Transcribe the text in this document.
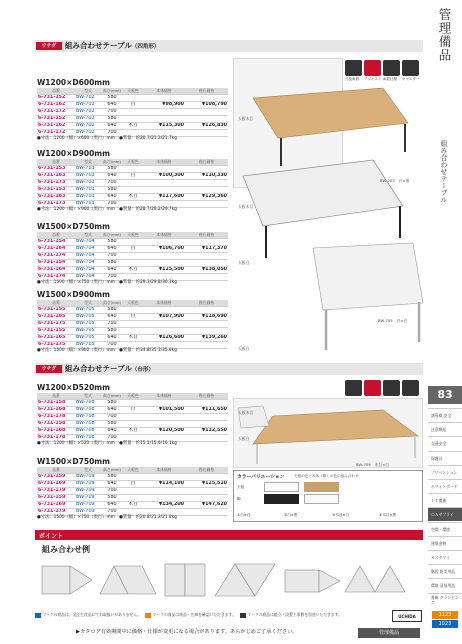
管理備品
組み合わせテーブル
83
誘導標 安全
注意喚起
交通安全
保護具
プリベンション
ホワイトボード
ＩＴ関連
ＯＡサプライ
空間・環境
建築金物
カスタマイ
階段 防災用品
環境 清掃用品
書庫 グランピング
1123
1023
ウチダ	組み合わせテーブル（四角形）
天板両面 アジャスト 両面仕様 キャスター
天板木目
BW-703　白×黒
天板木目
天板白
BW-705　白×白
天板白
W1200×D600mm
品番	型式	高さ(mm)	天板色	本体価格	税込価格
6-731-152	BW-702	580			
6-731-162	BW-702	640	白	¥98,900	¥108,790
6-731-172	BW-702	700			
6-731-152	BW-702	580			
6-731-162	BW-702	640	木目	¥115,300	¥126,830
6-731-172	BW-702	700			
●寸法：1200（幅）×600（奥行）mm　●質量：約20.7/21.2/21.7kg
W1200×D900mm
品番	型式	高さ(mm)	天板色	本体価格	税込価格
6-731-153	BW-703	580			
6-731-163	BW-703	640	白	¥100,300	¥110,330
6-731-173	BW-703	700			
6-731-153	BW-703	580			
6-731-163	BW-703	640	木目	¥117,600	¥129,360
6-731-173	BW-703	700			
●寸法：1200（幅）×900（奥行）mm　●質量：約28.7/29.2/29.7kg
W1500×D750mm
品番	型式	高さ(mm)	天板色	本体価格	税込価格
6-731-154	BW-704	580			
6-731-164	BW-704	640	白	¥106,700	¥117,370
6-731-174	BW-704	700			
6-731-154	BW-704	580			
6-731-164	BW-704	640	木目	¥125,500	¥138,050
6-731-174	BW-704	700			
●寸法：1500（幅）×750（奥行）mm　●質量：約29.3/29.8/30.3kg
W1500×D900mm
品番	型式	高さ(mm)	天板色	本体価格	税込価格
6-731-155	BW-705	580			
6-731-165	BW-705	640	白	¥107,900	¥118,690
6-731-175	BW-705	700			
6-731-155	BW-705	580			
6-731-165	BW-705	640	木目	¥126,600	¥139,260
6-731-175	BW-705	700			
●寸法：1500（幅）×900（奥行）mm　●質量：約34.8/35.3/35.8kg
ウチダ	組み合わせテーブル（台形）
天板木目
天板白
BW-709　木目×白
カラーバリエーション	天板の色と本体（脚）の色の組み合わせ
天板
脚
①白×白	②白×黒	③木目×白	④木目×黒
W1200×D520mm
品番	型式	高さ(mm)	天板色	本体価格	税込価格
6-731-158	BW-708	580			
6-731-168	BW-708	640	白	¥101,500	¥111,650
6-731-178	BW-708	700			
6-731-158	BW-708	580			
6-731-168	BW-708	640	木目	¥120,500	¥132,550
6-731-178	BW-708	700			
●寸法：1200（幅）×520（奥行）mm　●質量：約15.1/15.6/16.1kg
W1500×D750mm
品番	型式	高さ(mm)	天板色	本体価格	税込価格
6-731-159	BW-709	580			
6-731-169	BW-709	640	白	¥114,100	¥125,510
6-731-179	BW-709	700			
6-731-159	BW-709	580			
6-731-169	BW-709	640	木目	¥134,200	¥147,620
6-731-179	BW-709	700			
●寸法：1500（幅）×750（奥行）mm　●質量：約20.8/21.3/21.8kg
ポイント
組み合わせ例
マークの商品は、発注生産品にてお取扱いがありません。	マークの商品は商品・在庫を確認いただきます。	マークの商品は組立・設置工事費を別途いただきます。	UCHIDA
▶カタログ有効期間中に価格・仕様が変更になる場合があります。あらかじめご了承ください。	管理備品
